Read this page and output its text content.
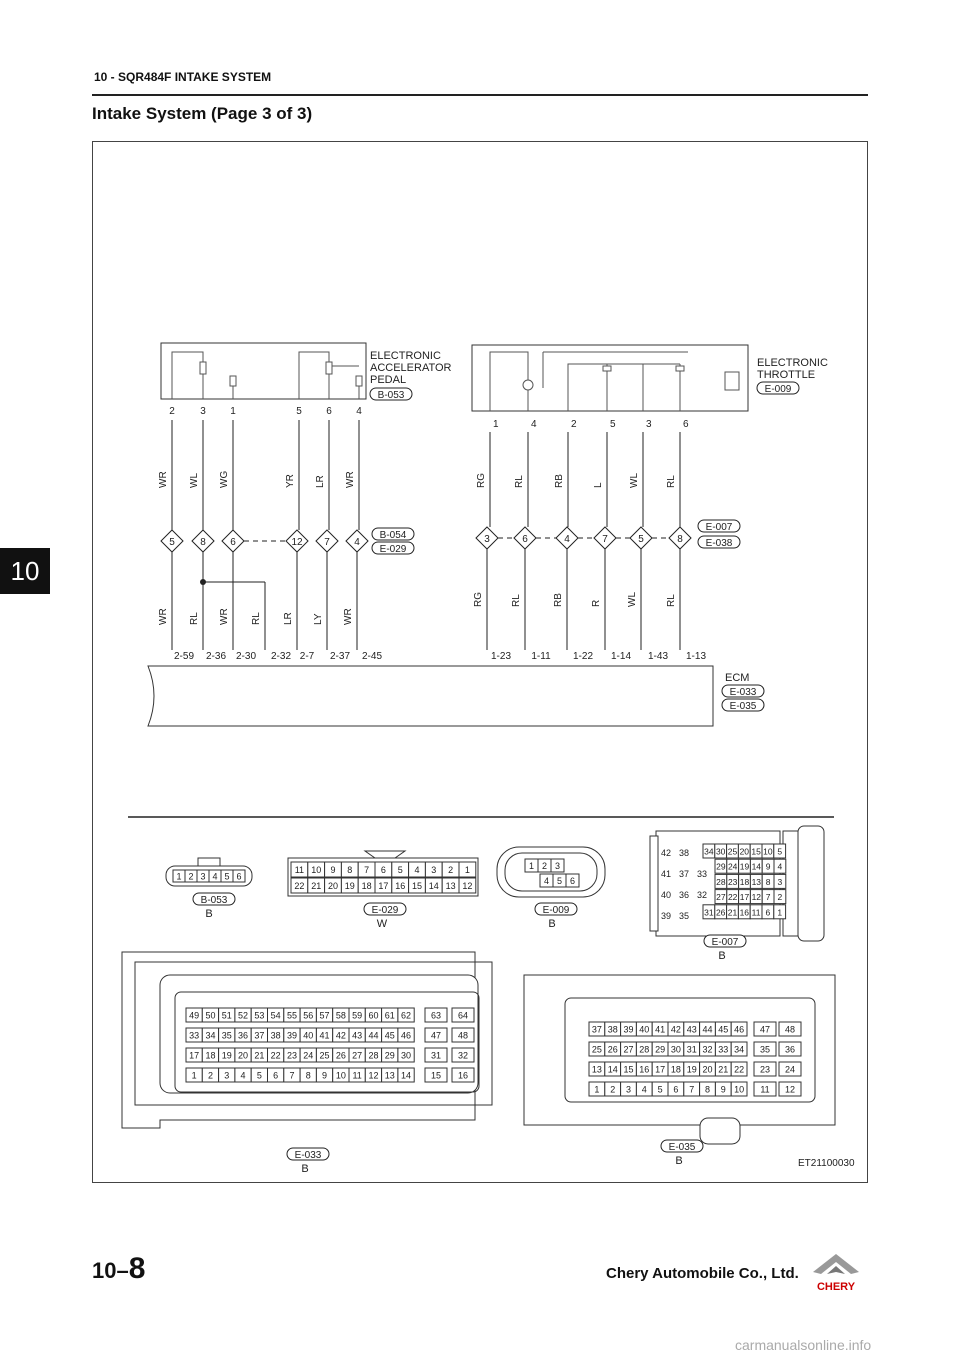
10 - SQR484F INTAKE SYSTEM
Intake System (Page 3 of 3)
10
ELECTRONIC
ACCELERATOR
PEDAL
B-053
2	3 1	5 6 4
WR WL WG	YR LR WR
5	8 6	12 7 4
B-054
E-029
WR RL WR RL LR LY WR
2-59 2-36 2-30 2-32 2-7 2-37 2-45
ELECTRONIC
THROTTLE
E-009
1	4	2	5	3	6
RG	RL	RB	L	WL	RL
3	6	4	7	5	8
E-007
E-038
RG	RL	RB	R	WL	RL
1-23 1-11 1-22 1-14 1-43 1-13
ECM
E-033
E-035
1 2 3 4 5 6
B-053
B
11 10 9 8 7 6 5 4 3 2 1
22 21 20 19 18 17 16 15 14 13 12
E-029
W
1 2 3
4 5 6
E-009
B
42 38
41 37 33
40 36 32
39 35
34 30 25 20 15 10 5
29 24 19 14 9 4
28 23 18 13 8 3
27 22 17 12 7 2
31 26 21 16 11 6 1
E-007
B
49 50 51 52 53 54 55 56 57 58 59 60 61 62 63 64
33 34 35 36 37 38 39 40 41 42 43 44 45 46 47 48
17 18 19 20 21 22 23 24 25 26 27 28 29 30 31 32
1 2 3 4 5 6 7 8 9 10 11 12 13 14 15 16
E-033
B
37 38 39 40 41 42 43 44 45 46 47 48
25 26 27 28 29 30 31 32 33 34 35 36
13 14 15 16 17 18 19 20 21 22 23 24
1 2 3 4 5 6 7 8 9 10 11 12
E-035
B	ET21100030
10–8	Chery Automobile Co., Ltd.
CHERY
carmanualsonline.info
